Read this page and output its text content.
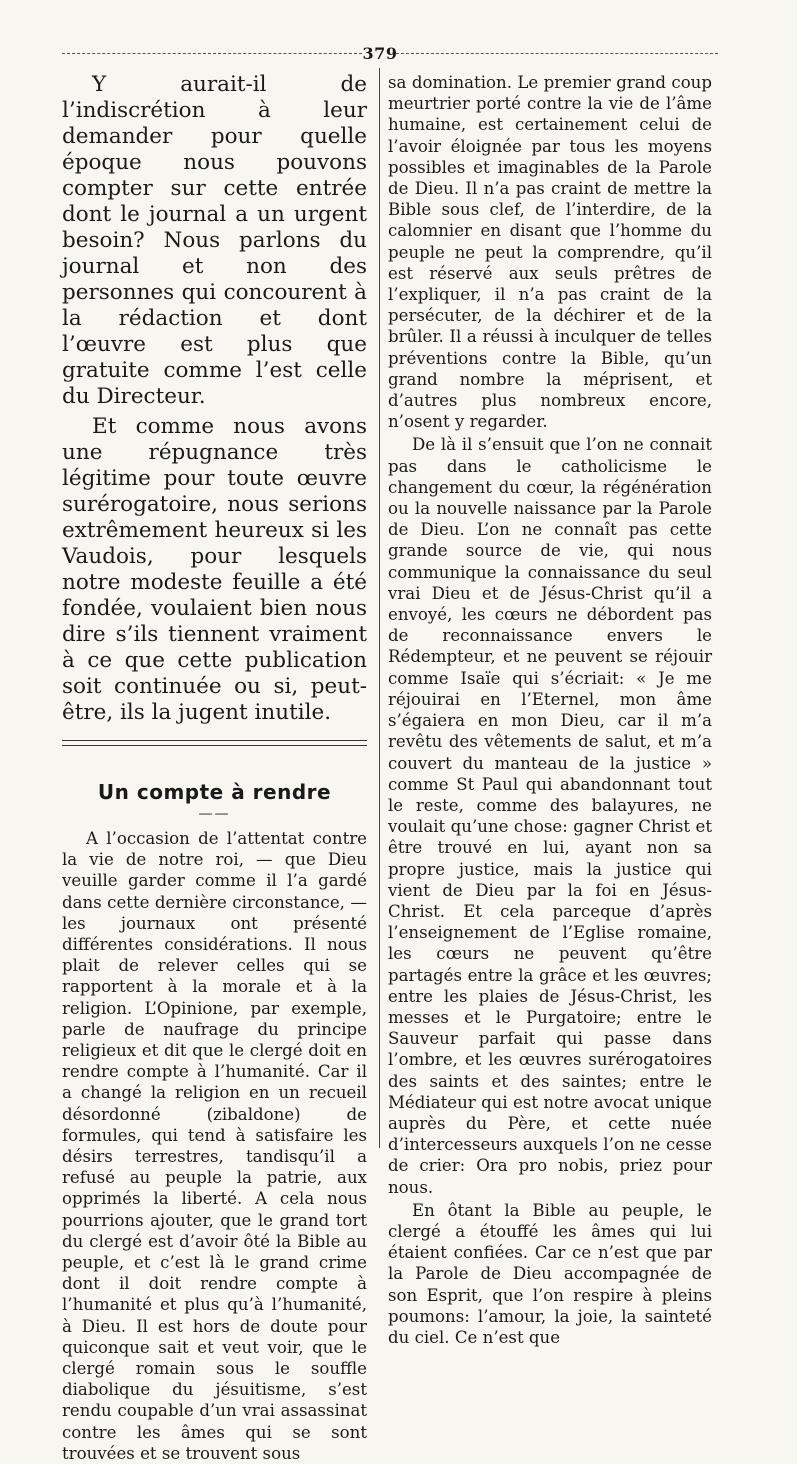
379

Y aurait-il de l’indiscrétion à leur demander pour quelle époque nous pouvons compter sur cette entrée dont le journal a un urgent besoin? Nous parlons du journal et non des personnes qui concourent à la rédaction et dont l’œuvre est plus que gratuite comme l’est celle du Directeur.

Et comme nous avons une répugnance très légitime pour toute œuvre surérogatoire, nous serions extrêmement heureux si les Vaudois, pour lesquels notre modeste feuille a été fondée, voulaient bien nous dire s’ils tiennent vraiment à ce que cette publication soit continuée ou si, peut-être, ils la jugent inutile.

Un compte à rendre
——

A l’occasion de l’attentat contre la vie de notre roi, — que Dieu veuille garder comme il l’a gardé dans cette dernière circonstance, — les journaux ont présenté différentes considérations. Il nous plait de relever celles qui se rapportent à la morale et à la religion. L’Opinione, par exemple, parle de naufrage du principe religieux et dit que le clergé doit en rendre compte à l’humanité. Car il a changé la religion en un recueil désordonné (zibaldone) de formules, qui tend à satisfaire les désirs terrestres, tandisqu’il a refusé au peuple la patrie, aux opprimés la liberté. A cela nous pourrions ajouter, que le grand tort du clergé est d’avoir ôté la Bible au peuple, et c’est là le grand crime dont il doit rendre compte à l’humanité et plus qu’à l’humanité, à Dieu. Il est hors de doute pour quiconque sait et veut voir, que le clergé romain sous le souffle diabolique du jésuitisme, s’est rendu coupable d’un vrai assassinat contre les âmes qui se sont trouvées et se trouvent sous

sa domination. Le premier grand coup meurtrier porté contre la vie de l’âme humaine, est certainement celui de l’avoir éloignée par tous les moyens possibles et imaginables de la Parole de Dieu. Il n’a pas craint de mettre la Bible sous clef, de l’interdire, de la calomnier en disant que l’homme du peuple ne peut la comprendre, qu’il est réservé aux seuls prêtres de l’expliquer, il n’a pas craint de la persécuter, de la déchirer et de la brûler. Il a réussi à inculquer de telles préventions contre la Bible, qu’un grand nombre la méprisent, et d’autres plus nombreux encore, n’osent y regarder.

De là il s’ensuit que l’on ne connait pas dans le catholicisme le changement du cœur, la régénération ou la nouvelle naissance par la Parole de Dieu. L’on ne connaît pas cette grande source de vie, qui nous communique la connaissance du seul vrai Dieu et de Jésus-Christ qu’il a envoyé, les cœurs ne débordent pas de reconnaissance envers le Rédempteur, et ne peuvent se réjouir comme Isaïe qui s’écriait: « Je me réjouirai en l’Eternel, mon âme s’égaiera en mon Dieu, car il m’a revêtu des vêtements de salut, et m’a couvert du manteau de la justice » comme St Paul qui abandonnant tout le reste, comme des balayures, ne voulait qu’une chose: gagner Christ et être trouvé en lui, ayant non sa propre justice, mais la justice qui vient de Dieu par la foi en Jésus-Christ. Et cela parceque d’après l’enseignement de l’Eglise romaine, les cœurs ne peuvent qu’être partagés entre la grâce et les œuvres; entre les plaies de Jésus-Christ, les messes et le Purgatoire; entre le Sauveur parfait qui passe dans l’ombre, et les œuvres surérogatoires des saints et des saintes; entre le Médiateur qui est notre avocat unique auprès du Père, et cette nuée d’intercesseurs auxquels l’on ne cesse de crier: Ora pro nobis, priez pour nous.

En ôtant la Bible au peuple, le clergé a étouffé les âmes qui lui étaient confiées. Car ce n’est que par la Parole de Dieu accompagnée de son Esprit, que l’on respire à pleins poumons: l’amour, la joie, la sainteté du ciel. Ce n’est que
